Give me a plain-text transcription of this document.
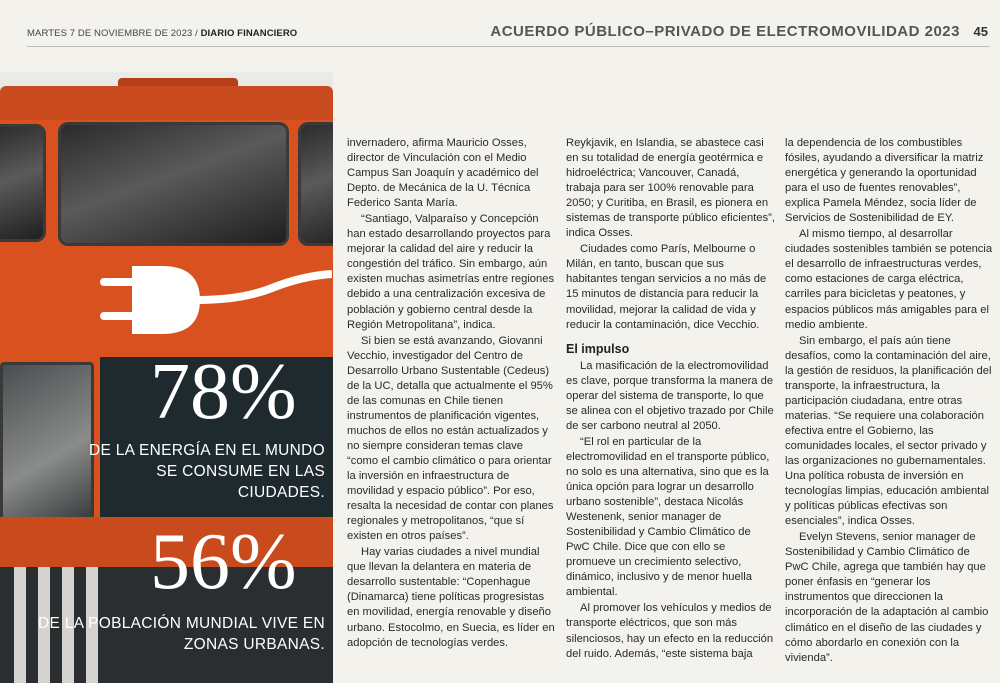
MARTES 7 DE NOVIEMBRE DE 2023 / DIARIO FINANCIERO	ACUERDO PÚBLICO–PRIVADO DE ELECTROMOVILIDAD 2023 45
78%
DE LA ENERGÍA EN EL MUNDO SE CONSUME EN LAS CIUDADES.
56%
DE LA POBLACIÓN MUNDIAL VIVE EN ZONAS URBANAS.

invernadero, afirma Mauricio Osses, director de Vinculación con el Medio Campus San Joaquín y académico del Depto. de Mecánica de la U. Técnica Federico Santa María.

“Santiago, Valparaíso y Concepción han estado desarrollando proyectos para mejorar la calidad del aire y reducir la congestión del tráfico. Sin embargo, aún existen muchas asimetrías entre regiones debido a una centralización excesiva de población y gobierno central desde la Región Metropolitana”, indica.

Si bien se está avanzando, Giovanni Vecchio, investigador del Centro de Desarrollo Urbano Sustentable (Cedeus) de la UC, detalla que actualmente el 95% de las comunas en Chile tienen instrumentos de planificación vigentes, muchos de ellos no están actualizados y no siempre consideran temas clave “como el cambio climático o para orientar la inversión en infraestructura de movilidad y espacio público”. Por eso, resalta la necesidad de contar con planes regionales y metropolitanos, “que sí existen en otros países”.

Hay varias ciudades a nivel mundial que llevan la delantera en materia de desarrollo sustentable: “Copenhague (Dinamarca) tiene políticas progresistas en movilidad, energía renovable y diseño urbano. Estocolmo, en Suecia, es líder en adopción de tecnologías verdes.

Reykjavik, en Islandia, se abastece casi en su totalidad de energía geotérmica e hidroeléctrica; Vancouver, Canadá, trabaja para ser 100% renovable para 2050; y Curitiba, en Brasil, es pionera en sistemas de transporte público eficientes”, indica Osses.

Ciudades como París, Melbourne o Milán, en tanto, buscan que sus habitantes tengan servicios a no más de 15 minutos de distancia para reducir la movilidad, mejorar la calidad de vida y reducir la contaminación, dice Vecchio.

El impulso

La masificación de la electromovilidad es clave, porque transforma la manera de operar del sistema de transporte, lo que se alinea con el objetivo trazado por Chile de ser carbono neutral al 2050.

“El rol en particular de la electromovilidad en el transporte público, no solo es una alternativa, sino que es la única opción para lograr un desarrollo urbano sostenible”, destaca Nicolás Westenenk, senior manager de Sostenibilidad y Cambio Climático de PwC Chile. Dice que con ello se promueve un crecimiento selectivo, dinámico, inclusivo y de menor huella ambiental.

Al promover los vehículos y medios de transporte eléctricos, que son más silenciosos, hay un efecto en la reducción del ruido. Además, “este sistema baja

la dependencia de los combustibles fósiles, ayudando a diversificar la matriz energética y generando la oportunidad para el uso de fuentes renovables”, explica Pamela Méndez, socia líder de Servicios de Sostenibilidad de EY.

Al mismo tiempo, al desarrollar ciudades sostenibles también se potencia el desarrollo de infraestructuras verdes, como estaciones de carga eléctrica, carriles para bicicletas y peatones, y espacios públicos más amigables para el medio ambiente.

Sin embargo, el país aún tiene desafíos, como la contaminación del aire, la gestión de residuos, la planificación del transporte, la infraestructura, la participación ciudadana, entre otras materias. “Se requiere una colaboración efectiva entre el Gobierno, las comunidades locales, el sector privado y las organizaciones no gubernamentales. Una política robusta de inversión en tecnologías limpias, educación ambiental y políticas públicas efectivas son esenciales”, indica Osses.

Evelyn Stevens, senior manager de Sostenibilidad y Cambio Climático de PwC Chile, agrega que también hay que poner énfasis en “generar los instrumentos que direccionen la incorporación de la adaptación al cambio climático en el diseño de las ciudades y cómo abordarlo en conexión con la vivienda”.
